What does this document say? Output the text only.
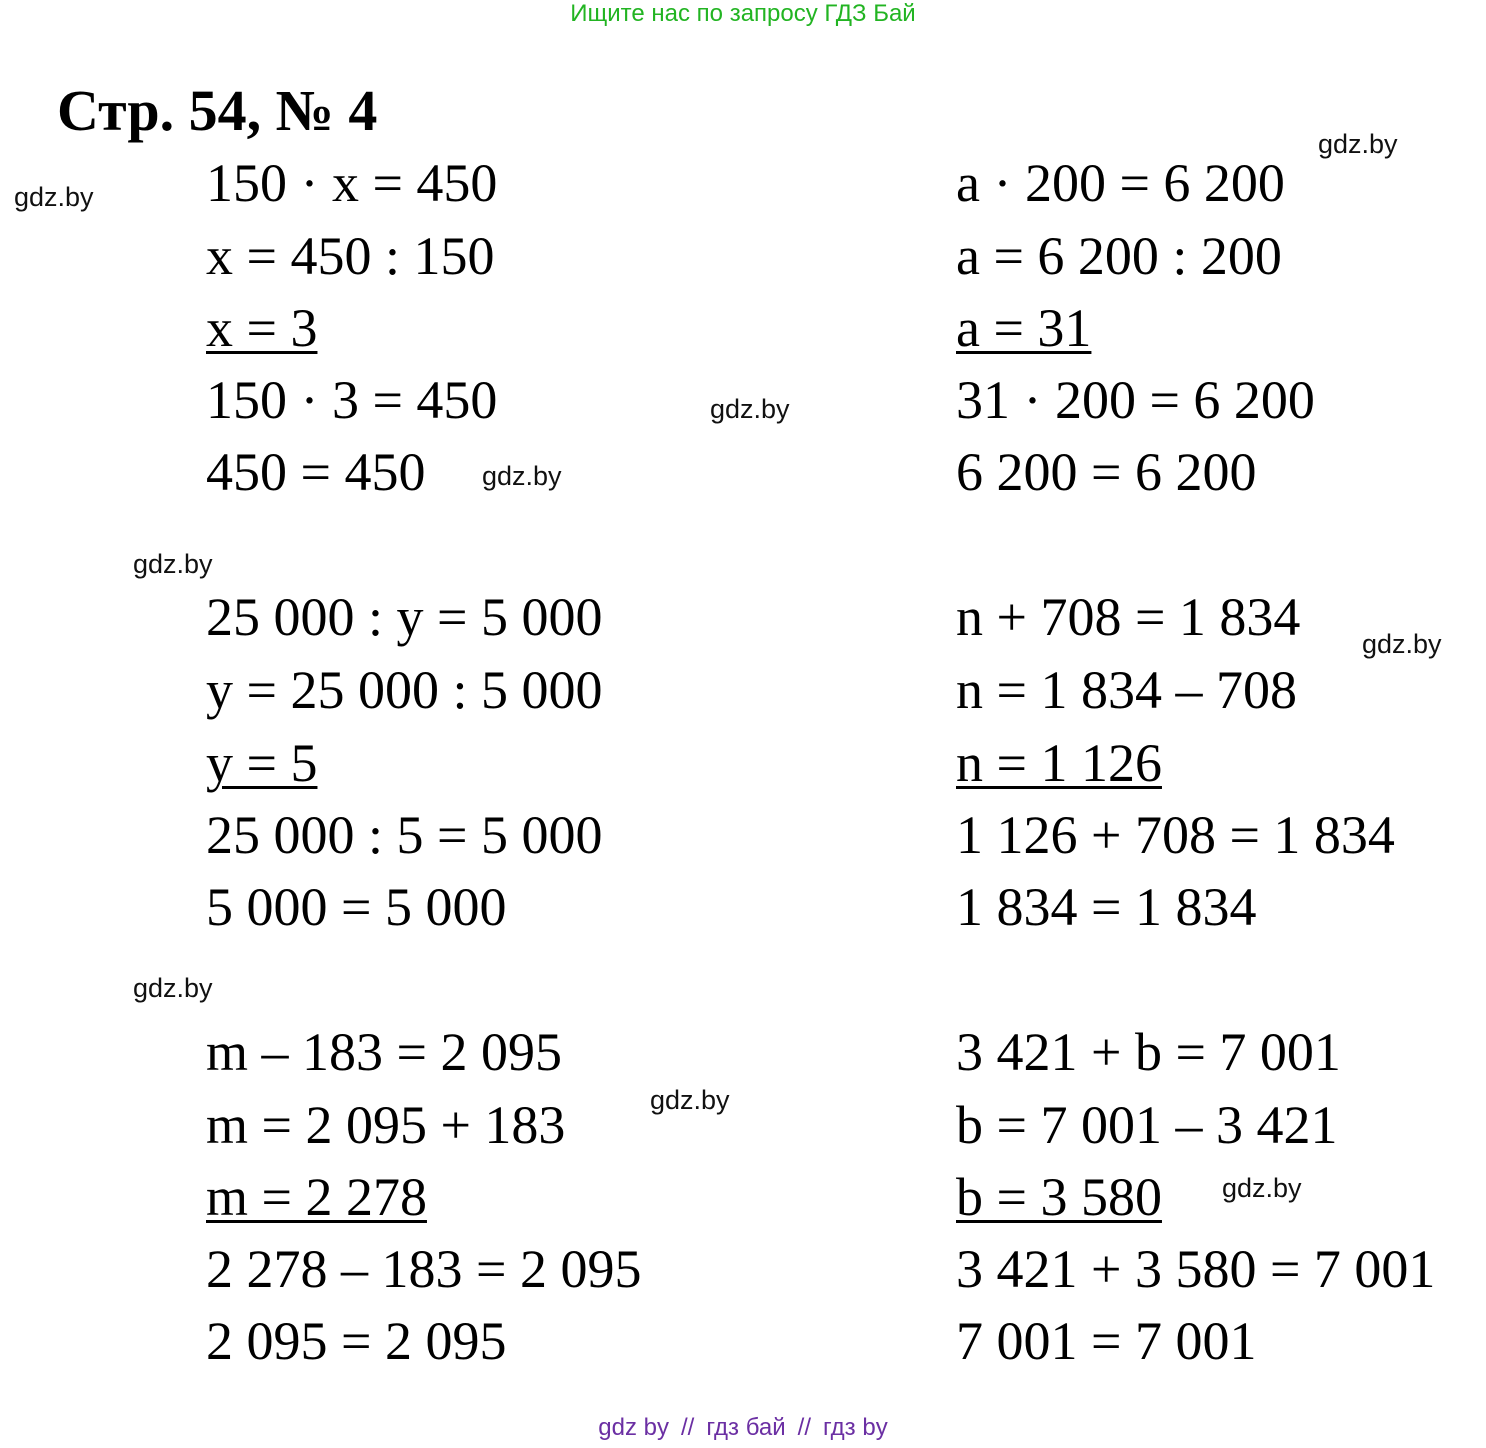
Ищите нас по запросу ГДЗ Бай
Стр. 54, № 4
150 · x = 450
x = 450 : 150
x = 3
150 · 3 = 450
450 = 450
a · 200 = 6 200
a = 6 200 : 200
a = 31
31 · 200 = 6 200
6 200 = 6 200
25 000 : y = 5 000
y = 25 000 : 5 000
y = 5
25 000 : 5 = 5 000
5 000 = 5 000
n + 708 = 1 834
n = 1 834 – 708
n = 1 126
1 126 + 708 = 1 834
1 834 = 1 834
m – 183 = 2 095
m = 2 095 + 183
m = 2 278
2 278 – 183 = 2 095
2 095 = 2 095
3 421 + b = 7 001
b = 7 001 – 3 421
b = 3 580
3 421 + 3 580 = 7 001
7 001 = 7 001
gdz.by
gdz.by
gdz.by
gdz.by
gdz.by
gdz.by
gdz.by
gdz.by
gdz.by
gdz by // гдз бай // гдз by
